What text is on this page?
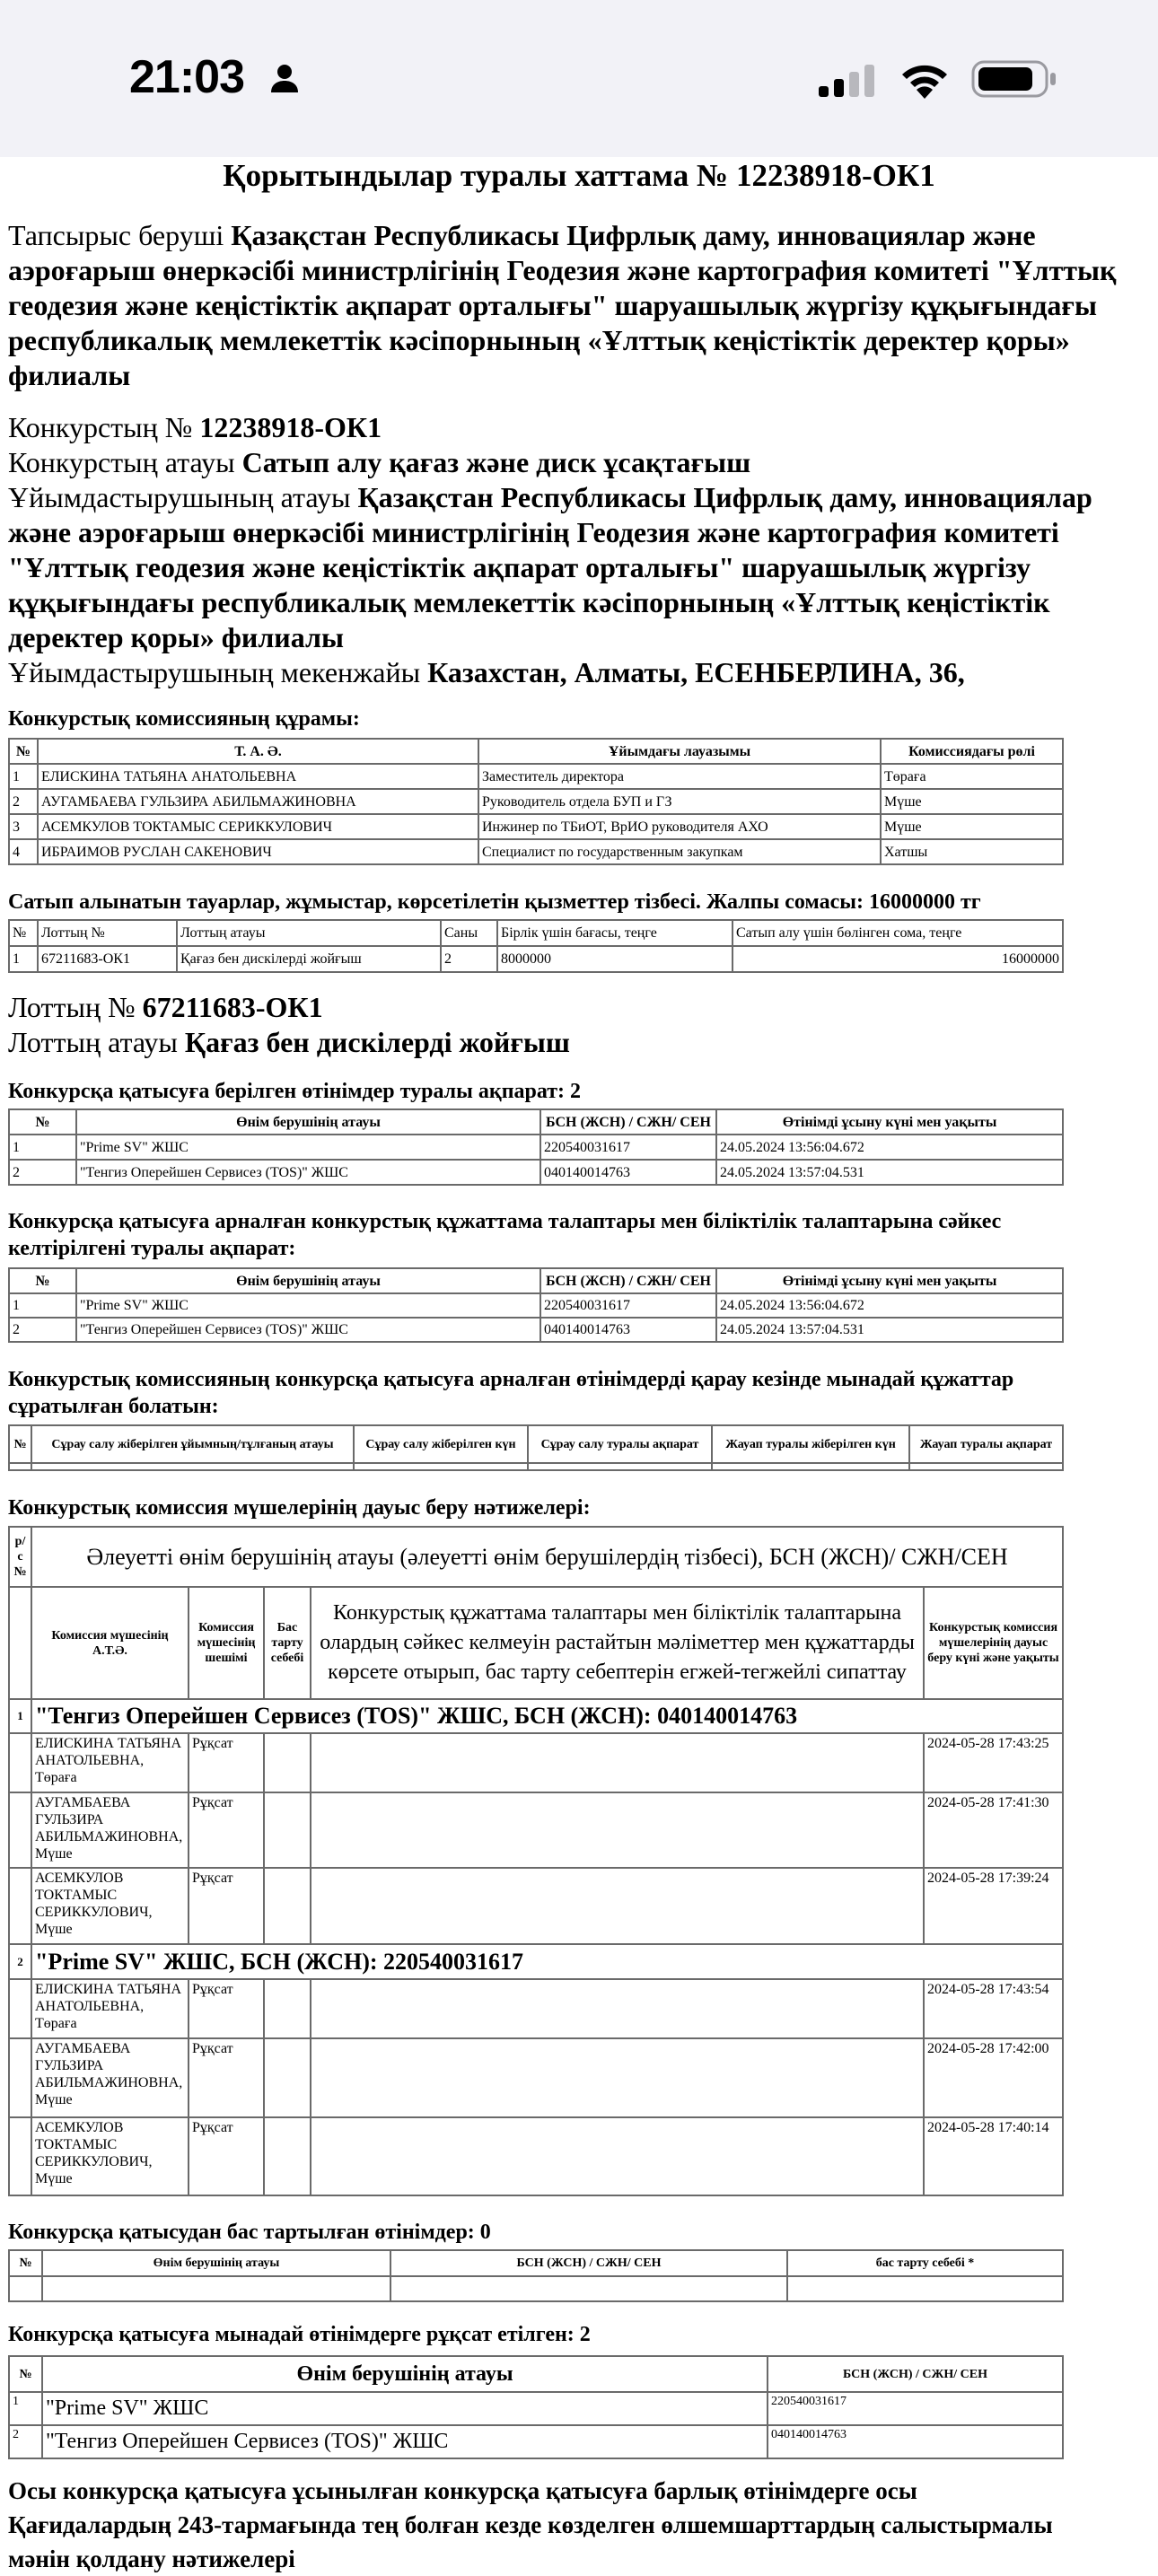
21:03
Қорытындылар туралы хаттама № 12238918-ОК1

Тапсырыс беруші Қазақстан Республикасы Цифрлық даму, инновациялар және аэроғарыш өнеркәсібі министрлігінің Геодезия және картография комитеті "Ұлттық геодезия және кеңістіктік ақпарат орталығы" шаруашылық жүргізу құқығындағы республикалық мемлекеттік кәсіпорнының «Ұлттық кеңістіктік деректер қоры» филиалы

Конкурстың № 12238918-ОК1

Конкурстың атауы Сатып алу қағаз және диск ұсақтағыш

Ұйымдастырушының атауы Қазақстан Республикасы Цифрлық даму, инновациялар және аэроғарыш өнеркәсібі министрлігінің Геодезия және картография комитеті "Ұлттық геодезия және кеңістіктік ақпарат орталығы" шаруашылық жүргізу құқығындағы республикалық мемлекеттік кәсіпорнының «Ұлттық кеңістіктік деректер қоры» филиалы

Ұйымдастырушының мекенжайы Казахстан, Алматы, ЕСЕНБЕРЛИНА, 36,

Конкурстық комиссияның құрамы:

№	Т. А. Ә.	Ұйымдағы лауазымы	Комиссиядағы рөлі
1	ЕЛИСКИНА ТАТЬЯНА АНАТОЛЬЕВНА	Заместитель директора	Төраға
2	АУГАМБАЕВА ГУЛЬЗИРА АБИЛЬМАЖИНОВНА	Руководитель отдела БУП и ГЗ	Мүше
3	АСЕМКУЛОВ ТОКТАМЫС СЕРИККУЛОВИЧ	Инжинер по ТБиОТ, ВрИО руководителя АХО	Мүше
4	ИБРАИМОВ РУСЛАН САКЕНОВИЧ	Специалист по государственным закупкам	Хатшы

Сатып алынатын тауарлар, жұмыстар, көрсетілетін қызметтер тізбесі. Жалпы сомасы: 16000000 тг

№	Лоттың №	Лоттың атауы	Саны	Бірлік үшін бағасы, теңге	Сатып алу үшін бөлінген сома, теңге
1	67211683-ОК1	Қағаз бен дискілерді жойғыш	2	8000000	16000000

Лоттың № 67211683-ОК1

Лоттың атауы Қағаз бен дискілерді жойғыш

Конкурсқа қатысуға берілген өтінімдер туралы ақпарат: 2

№	Өнім берушінің атауы	БСН (ЖСН) / СЖН/ СЕН	Өтінімді ұсыну күні мен уақыты
1	"Prime SV" ЖШС	220540031617	24.05.2024 13:56:04.672
2	"Тенгиз Оперейшен Сервисез (TOS)" ЖШС	040140014763	24.05.2024 13:57:04.531

Конкурсқа қатысуға арналған конкурстық құжаттама талаптары мен біліктілік талаптарына сәйкес келтірілгені туралы ақпарат:

№	Өнім берушінің атауы	БСН (ЖСН) / СЖН/ СЕН	Өтінімді ұсыну күні мен уақыты
1	"Prime SV" ЖШС	220540031617	24.05.2024 13:56:04.672
2	"Тенгиз Оперейшен Сервисез (TOS)" ЖШС	040140014763	24.05.2024 13:57:04.531

Конкурстық комиссияның конкурсқа қатысуға арналған өтінімдерді қарау кезінде мынадай құжаттар сұратылған болатын:

№	Сұрау салу жіберілген ұйымның/тұлғаның атауы	Сұрау салу жіберілген күн	Сұрау салу туралы ақпарат	Жауап туралы жіберілген күн	Жауап туралы ақпарат

Конкурстық комиссия мүшелерінің дауыс беру нәтижелері:

р/с №	Әлеуетті өнім берушінің атауы (әлеуетті өнім берушілердің тізбесі), БСН (ЖСН)/ СЖН/СЕН				
	Комиссия мүшесінің А.Т.Ә.	Комиссия мүшесінің шешімі	Бас тарту себебі	Конкурстық құжаттама талаптары мен біліктілік талаптарына олардың сәйкес келмеуін растайтын мәліметтер мен құжаттарды көрсете отырып, бас тарту себептерін егжей-тегжейлі сипаттау	Конкурстық комиссия мүшелерінің дауыс беру күні және уақыты
1	"Тенгиз Оперейшен Сервисез (TOS)" ЖШС, БСН (ЖСН): 040140014763				
	ЕЛИСКИНА ТАТЬЯНА АНАТОЛЬЕВНА, Төраға	Рұқсат			2024-05-28 17:43:25
	АУГАМБАЕВА ГУЛЬЗИРА АБИЛЬМАЖИНОВНА, Мүше	Рұқсат			2024-05-28 17:41:30
	АСЕМКУЛОВ ТОКТАМЫС СЕРИККУЛОВИЧ, Мүше	Рұқсат			2024-05-28 17:39:24
2	"Prime SV" ЖШС, БСН (ЖСН): 220540031617				
	ЕЛИСКИНА ТАТЬЯНА АНАТОЛЬЕВНА, Төраға	Рұқсат			2024-05-28 17:43:54
	АУГАМБАЕВА ГУЛЬЗИРА АБИЛЬМАЖИНОВНА, Мүше	Рұқсат			2024-05-28 17:42:00
	АСЕМКУЛОВ ТОКТАМЫС СЕРИККУЛОВИЧ, Мүше	Рұқсат			2024-05-28 17:40:14

Конкурсқа қатысудан бас тартылған өтінімдер: 0

№	Өнім берушінің атауы	БСН (ЖСН) / СЖН/ СЕН	бас тарту себебі *

Конкурсқа қатысуға мынадай өтінімдерге рұқсат етілген: 2

№	Өнім берушінің атауы	БСН (ЖСН) / СЖН/ СЕН
1	"Prime SV" ЖШС	220540031617
2	"Тенгиз Оперейшен Сервисез (TOS)" ЖШС	040140014763

Осы конкурсқа қатысуға ұсынылған конкурсқа қатысуға барлық өтінімдерге осы Қағидалардың 243-тармағында тең болған кезде көзделген өлшемшарттардың салыстырмалы мәнін қолдану нәтижелері
